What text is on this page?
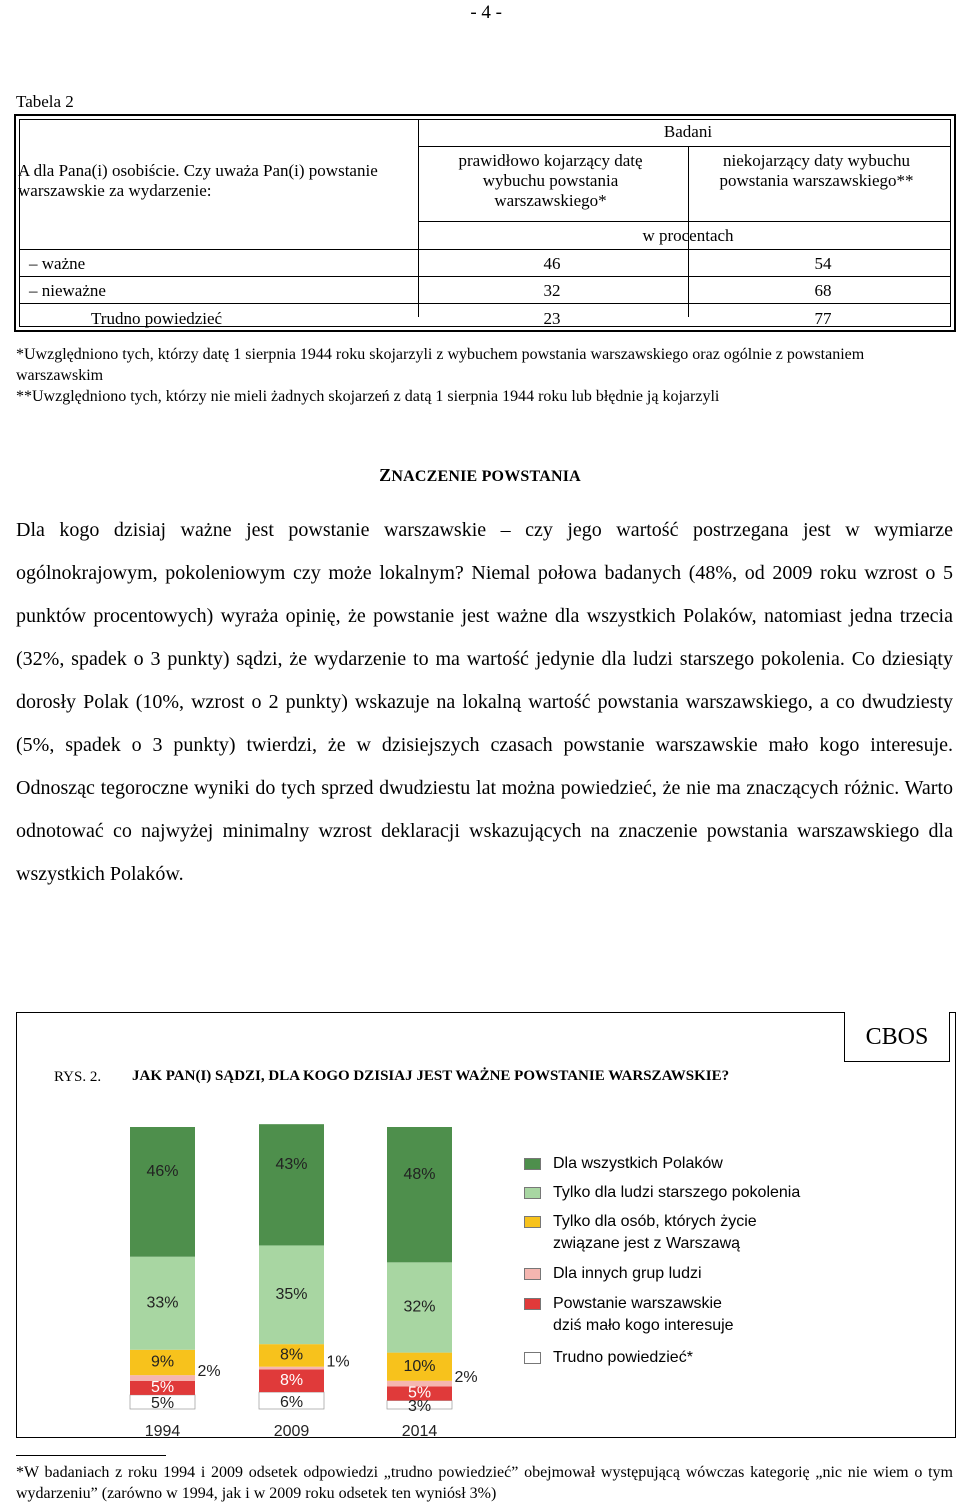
- 4 -
Tabela 2
A dla Pana(i) osobiście. Czy uważa Pan(i) powstanie warszawskie za wydarzenie:
Badani
prawidłowo kojarzący datę wybuchu powstania warszawskiego*
niekojarzący daty wybuchu powstania warszawskiego**
w procentach
– ważne	46	54
– nieważne	32	68
Trudno powiedzieć	23	77

*Uwzględniono tych, którzy datę 1 sierpnia 1944 roku skojarzyli z wybuchem powstania warszawskiego oraz ogólnie z powstaniem warszawskim

**Uwzględniono tych, którzy nie mieli żadnych skojarzeń z datą 1 sierpnia 1944 roku lub błędnie ją kojarzyli

ZNACZENIE POWSTANIA
Dla kogo dzisiaj ważne jest powstanie warszawskie – czy jego wartość postrzegana jest w wymiarze ogólnokrajowym, pokoleniowym czy może lokalnym? Niemal połowa badanych (48%, od 2009 roku wzrost o 5 punktów procentowych) wyraża opinię, że powstanie jest ważne dla wszystkich Polaków, natomiast jedna trzecia (32%, spadek o 3 punkty) sądzi, że wydarzenie to ma wartość jedynie dla ludzi starszego pokolenia. Co dziesiąty dorosły Polak (10%, wzrost o 2 punkty) wskazuje na lokalną wartość powstania warszawskiego, a co dwudziesty (5%, spadek o 3 punkty) twierdzi, że w dzisiejszych czasach powstanie warszawskie mało kogo interesuje. Odnosząc tegoroczne wyniki do tych sprzed dwudziestu lat można powiedzieć, że nie ma znaczących różnic. Warto odnotować co najwyżej minimalny wzrost deklaracji wskazujących na znaczenie powstania warszawskiego dla wszystkich Polaków.
CBOS
RYS. 2. JAK PAN(I) SĄDZI, DLA KOGO DZISIAJ JEST WAŻNE POWSTANIE WARSZAWSKIE?
5%
5%
2%
9%
33%
46%
1994
6%
8%
1%
8%
35%
43%
2009
3%
5%
2%
10%
32%
48%
2014
Dla wszystkich Polaków
Tylko dla ludzi starszego pokolenia
Tylko dla osób, których życie
związane jest z Warszawą
Dla innych grup ludzi
Powstanie warszawskie
dziś mało kogo interesuje
Trudno powiedzieć*

*W badaniach z roku 1994 i 2009 odsetek odpowiedzi „trudno powiedzieć” obejmował występującą wówczas kategorię „nic nie wiem o tym wydarzeniu” (zarówno w 1994, jak i w 2009 roku odsetek ten wyniósł 3%)
